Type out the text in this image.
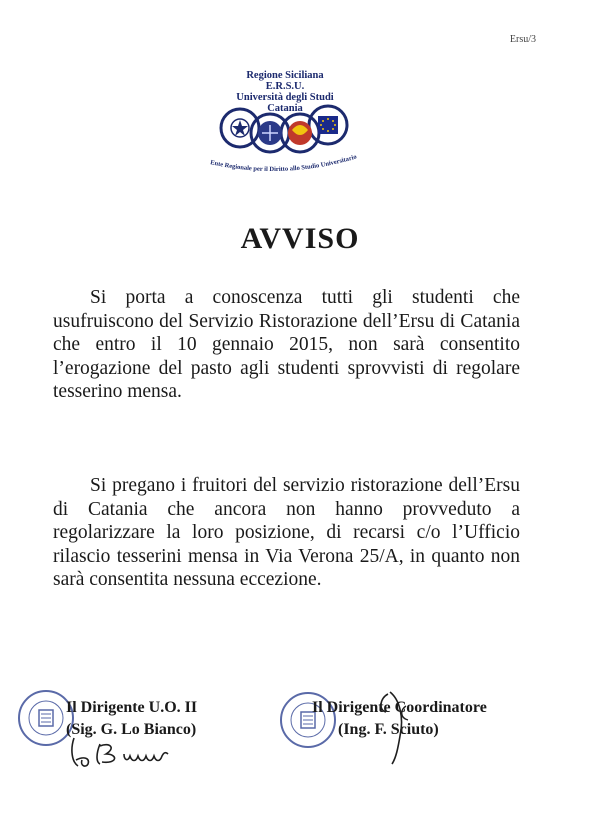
Ersu/3
Regione Siciliana
E.R.S.U.
Università degli Studi
Catania
Ente Regionale per il Diritto allo Studio Universitario
AVVISO

Si porta a conoscenza tutti gli studenti che usufruiscono del Servizio Ristorazione dell’Ersu di Catania che entro il 10 gennaio 2015, non sarà consentito l’erogazione del pasto agli studenti sprovvisti di regolare tesserino mensa.

Si pregano i fruitori del servizio ristorazione dell’Ersu di Catania che ancora non hanno provveduto a regolarizzare la loro posizione, di recarsi c/o l’Ufficio rilascio tesserini mensa in Via Verona 25/A, in quanto non sarà consentita nessuna eccezione.

Il Dirigente U.O. II
(Sig. G. Lo Bianco)
Il Dirigente Coordinatore
(Ing. F. Sciuto)
